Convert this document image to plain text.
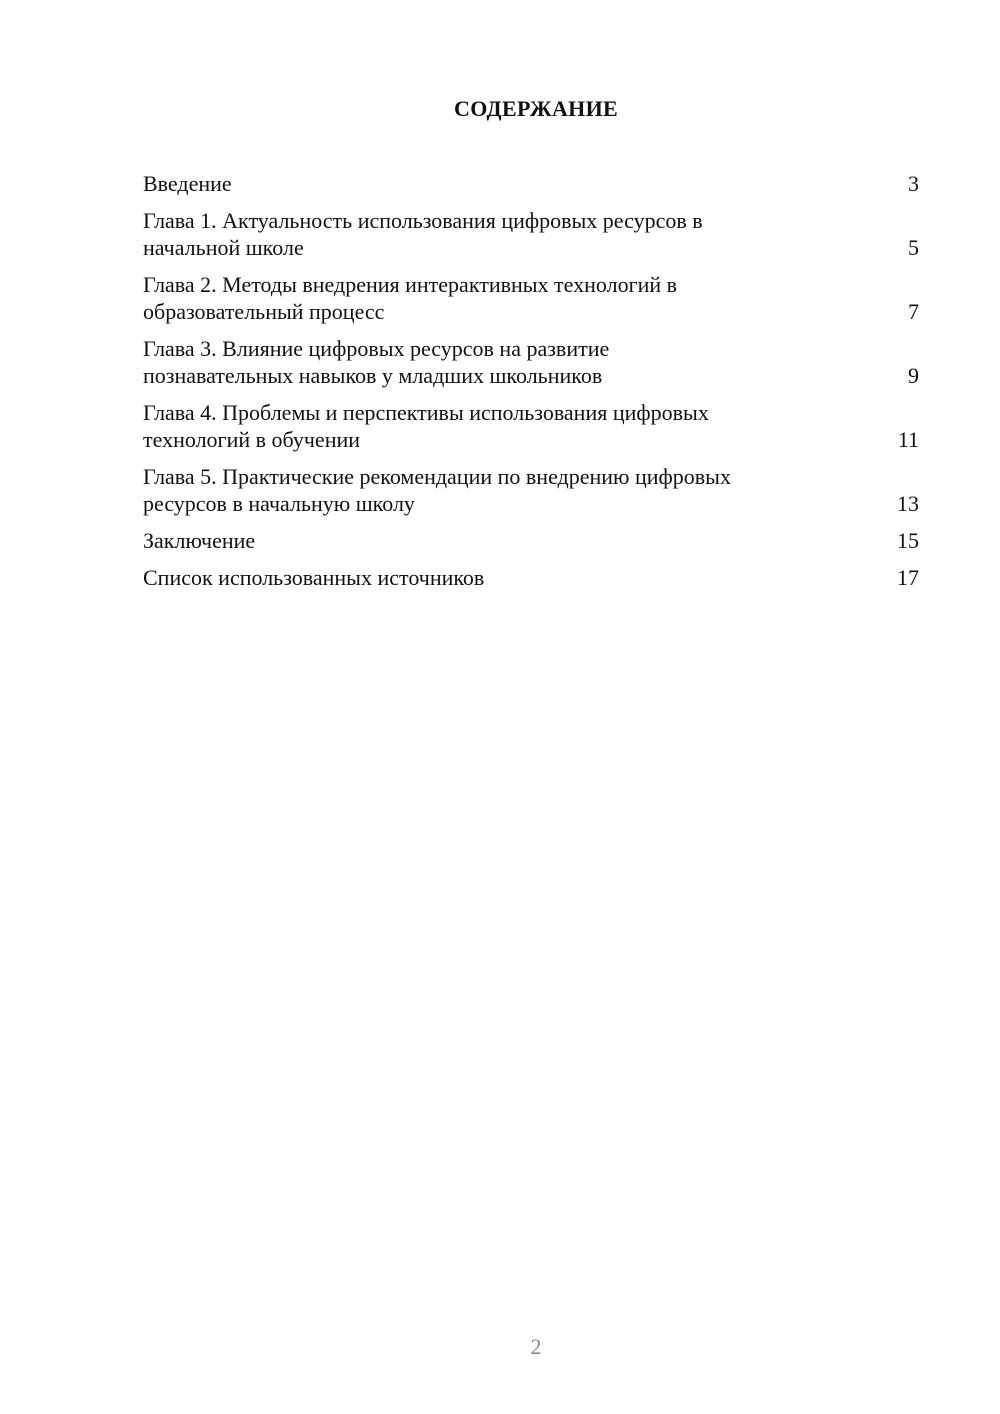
СОДЕРЖАНИЕ
Введение	3
Глава 1. Актуальность использования цифровых ресурсов в
начальной школе	5
Глава 2. Методы внедрения интерактивных технологий в
образовательный процесс	7
Глава 3. Влияние цифровых ресурсов на развитие
познавательных навыков у младших школьников	9
Глава 4. Проблемы и перспективы использования цифровых
технологий в обучении	11
Глава 5. Практические рекомендации по внедрению цифровых
ресурсов в начальную школу	13
Заключение	15
Список использованных источников	17
2
